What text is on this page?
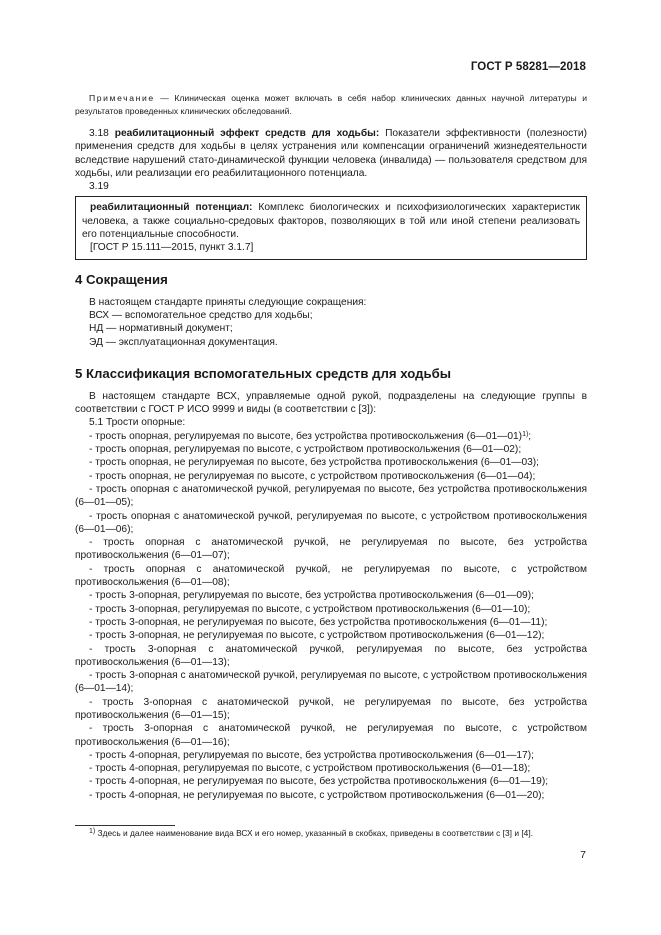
ГОСТ Р 58281—2018

Примечание — Клиническая оценка может включать в себя набор клинических данных научной литературы и результатов проведенных клинических обследований.

3.18 реабилитационный эффект средств для ходьбы: Показатели эффективности (полезности) применения средств для ходьбы в целях устранения или компенсации ограничений жизнедеятельности вследствие нарушений стато-динамической функции человека (инвалида) — пользователя средством для ходьбы, или реализации его реабилитационного потенциала.

3.19

реабилитационный потенциал: Комплекс биологических и психофизиологических характеристик человека, а также социально-средовых факторов, позволяющих в той или иной степени реализовать его потенциальные способности.

[ГОСТ Р 15.111—2015, пункт 3.1.7]

4 Сокращения

В настоящем стандарте приняты следующие сокращения:

ВСХ — вспомогательное средство для ходьбы;

НД — нормативный документ;

ЭД — эксплуатационная документация.

5 Классификация вспомогательных средств для ходьбы

В настоящем стандарте ВСХ, управляемые одной рукой, подразделены на следующие группы в соответствии с ГОСТ Р ИСО 9999 и виды (в соответствии с [3]):

5.1 Трости опорные:

- трость опорная, регулируемая по высоте, без устройства противоскольжения (6—01—01)$^{1)}$;

- трость опорная, регулируемая по высоте, с устройством противоскольжения (6—01—02);

- трость опорная, не регулируемая по высоте, без устройства противоскольжения (6—01—03);

- трость опорная, не регулируемая по высоте, с устройством противоскольжения (6—01—04);

- трость опорная с анатомической ручкой, регулируемая по высоте, без устройства противоскольжения (6—01—05);

- трость опорная с анатомической ручкой, регулируемая по высоте, с устройством противоскольжения (6—01—06);

- трость опорная с анатомической ручкой, не регулируемая по высоте, без устройства противоскольжения (6—01—07);

- трость опорная с анатомической ручкой, не регулируемая по высоте, с устройством противоскольжения (6—01—08);

- трость 3-опорная, регулируемая по высоте, без устройства противоскольжения (6—01—09);

- трость 3-опорная, регулируемая по высоте, с устройством противоскольжения (6—01—10);

- трость 3-опорная, не регулируемая по высоте, без устройства противоскольжения (6—01—11);

- трость 3-опорная, не регулируемая по высоте, с устройством противоскольжения (6—01—12);

- трость 3-опорная с анатомической ручкой, регулируемая по высоте, без устройства противоскольжения (6—01—13);

- трость 3-опорная с анатомической ручкой, регулируемая по высоте, с устройством противоскольжения (6—01—14);

- трость 3-опорная с анатомической ручкой, не регулируемая по высоте, без устройства противоскольжения (6—01—15);

- трость 3-опорная с анатомической ручкой, не регулируемая по высоте, с устройством противоскольжения (6—01—16);

- трость 4-опорная, регулируемая по высоте, без устройства противоскольжения (6—01—17);

- трость 4-опорная, регулируемая по высоте, с устройством противоскольжения (6—01—18);

- трость 4-опорная, не регулируемая по высоте, без устройства противоскольжения (6—01—19);

- трость 4-опорная, не регулируемая по высоте, с устройством противоскольжения (6—01—20);

$^{1)}$ Здесь и далее наименование вида ВСХ и его номер, указанный в скобках, приведены в соответствии с [3] и [4].

7
